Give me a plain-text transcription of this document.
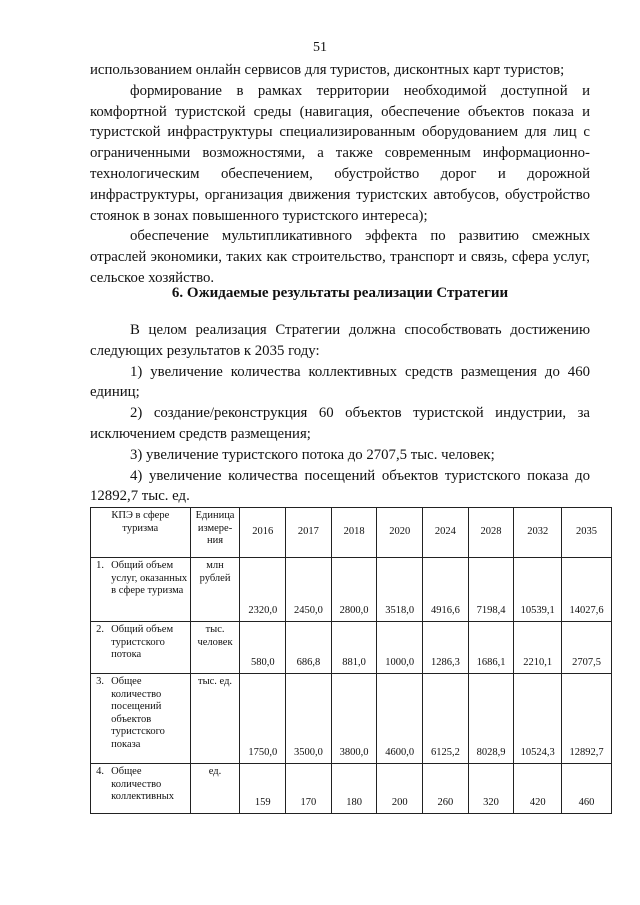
51

использованием онлайн сервисов для туристов, дисконтных карт туристов;

формирование в рамках территории необходимой доступной и комфортной туристской среды (навигация, обеспечение объектов показа и туристской инфраструктуры специализированным оборудованием для лиц с ограниченными возможностями, а также современным информационно-технологическим обеспечением, обустройство дорог и дорожной инфраструктуры, организация движения туристских автобусов, обустройство стоянок в зонах повышенного туристского интереса);

обеспечение мультипликативного эффекта по развитию смежных отраслей экономики, таких как строительство, транспорт и связь, сфера услуг, сельское хозяйство.

6. Ожидаемые результаты реализации Стратегии

В целом реализация Стратегии должна способствовать достижению следующих результатов к 2035 году:

1) увеличение количества коллективных средств размещения до 460 единиц;

2) создание/реконструкция 60 объектов туристской индустрии, за исключением средств размещения;

3) увеличение туристского потока до 2707,5 тыс. человек;

4) увеличение количества посещений объектов туристского показа до 12892,7 тыс. ед.

КПЭ в сфере туризма		Единица измере-ния	2016	2017	2018	2020	2024	2028	2032	2035
1.	Общий объем услуг, оказанных в сфере туризма	млн рублей	2320,0	2450,0	2800,0	3518,0	4916,6	7198,4	10539,1	14027,6
2.	Общий объем туристского потока	тыс. человек	580,0	686,8	881,0	1000,0	1286,3	1686,1	2210,1	2707,5
3.	Общее количество посещений объектов туристского показа	тыс. ед.	1750,0	3500,0	3800,0	4600,0	6125,2	8028,9	10524,3	12892,7
4.	Общее количество коллективных	ед.	159	170	180	200	260	320	420	460
